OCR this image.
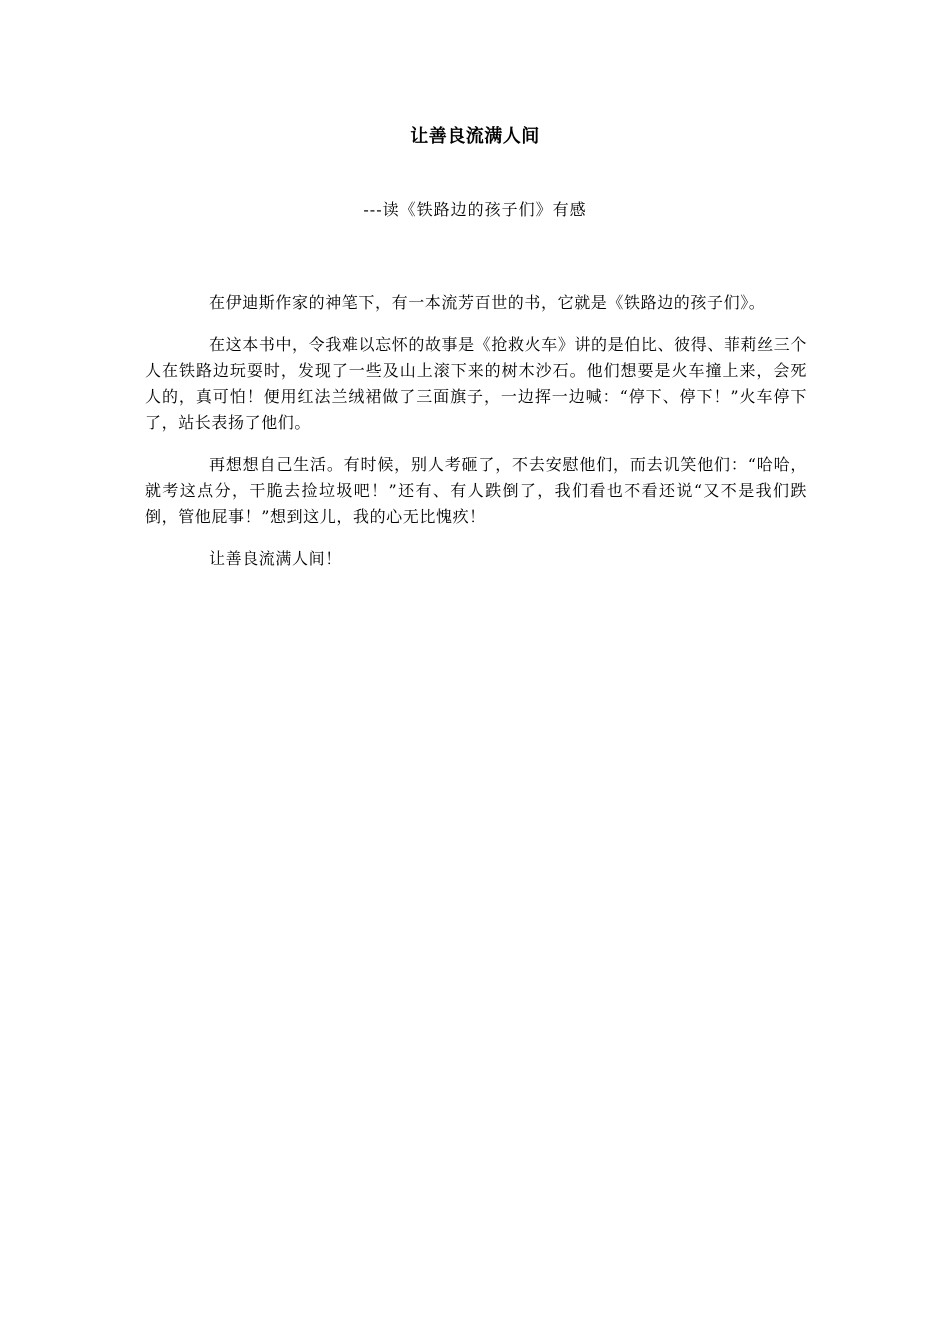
让善良流满人间
---读《铁路边的孩子们》有感

在伊迪斯作家的神笔下，有一本流芳百世的书，它就是《铁路边的孩子们》。

在这本书中，令我难以忘怀的故事是《抢救火车》讲的是伯比、彼得、菲莉丝三个人在铁路边玩耍时，发现了一些及山上滚下来的树木沙石。他们想要是火车撞上来，会死人的，真可怕！便用红法兰绒裙做了三面旗子，一边挥一边喊：“停下、停下！”火车停下了，站长表扬了他们。

再想想自己生活。有时候，别人考砸了，不去安慰他们，而去讥笑他们：“哈哈，就考这点分，干脆去捡垃圾吧！”还有、有人跌倒了，我们看也不看还说“又不是我们跌倒，管他屁事！”想到这儿，我的心无比愧疚！

让善良流满人间！
